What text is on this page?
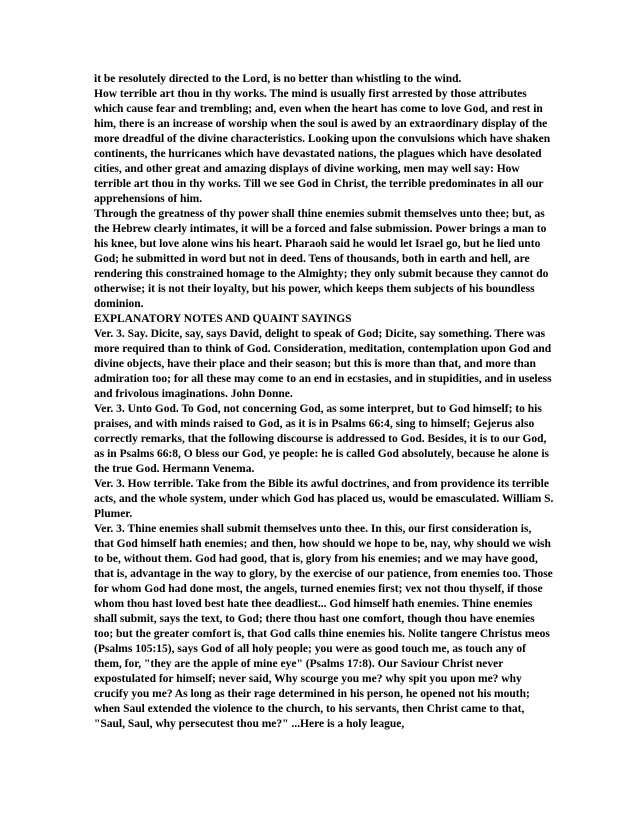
it be resolutely directed to the Lord, is no better than whistling to the wind.

How terrible art thou in thy works. The mind is usually first arrested by those attributes which cause fear and trembling; and, even when the heart has come to love God, and rest in him, there is an increase of worship when the soul is awed by an extraordinary display of the more dreadful of the divine characteristics. Looking upon the convulsions which have shaken continents, the hurricanes which have devastated nations, the plagues which have desolated cities, and other great and amazing displays of divine working, men may well say: How terrible art thou in thy works. Till we see God in Christ, the terrible predominates in all our apprehensions of him.

Through the greatness of thy power shall thine enemies submit themselves unto thee; but, as the Hebrew clearly intimates, it will be a forced and false submission. Power brings a man to his knee, but love alone wins his heart. Pharaoh said he would let Israel go, but he lied unto God; he submitted in word but not in deed. Tens of thousands, both in earth and hell, are rendering this constrained homage to the Almighty; they only submit because they cannot do otherwise; it is not their loyalty, but his power, which keeps them subjects of his boundless dominion.

EXPLANATORY NOTES AND QUAINT SAYINGS

Ver. 3. Say. Dicite, say, says David, delight to speak of God; Dicite, say something. There was more required than to think of God. Consideration, meditation, contemplation upon God and divine objects, have their place and their season; but this is more than that, and more than admiration too; for all these may come to an end in ecstasies, and in stupidities, and in useless and frivolous imaginations. John Donne.

Ver. 3. Unto God. To God, not concerning God, as some interpret, but to God himself; to his praises, and with minds raised to God, as it is in Psalms 66:4, sing to himself; Gejerus also correctly remarks, that the following discourse is addressed to God. Besides, it is to our God, as in Psalms 66:8, O bless our God, ye people: he is called God absolutely, because he alone is the true God. Hermann Venema.

Ver. 3. How terrible. Take from the Bible its awful doctrines, and from providence its terrible acts, and the whole system, under which God has placed us, would be emasculated. William S. Plumer.

Ver. 3. Thine enemies shall submit themselves unto thee. In this, our first consideration is, that God himself hath enemies; and then, how should we hope to be, nay, why should we wish to be, without them. God had good, that is, glory from his enemies; and we may have good, that is, advantage in the way to glory, by the exercise of our patience, from enemies too. Those for whom God had done most, the angels, turned enemies first; vex not thou thyself, if those whom thou hast loved best hate thee deadliest... God himself hath enemies. Thine enemies shall submit, says the text, to God; there thou hast one comfort, though thou have enemies too; but the greater comfort is, that God calls thine enemies his. Nolite tangere Christus meos (Psalms 105:15), says God of all holy people; you were as good touch me, as touch any of them, for, "they are the apple of mine eye" (Psalms 17:8). Our Saviour Christ never expostulated for himself; never said, Why scourge you me? why spit you upon me? why crucify you me? As long as their rage determined in his person, he opened not his mouth; when Saul extended the violence to the church, to his servants, then Christ came to that, "Saul, Saul, why persecutest thou me?" ...Here is a holy league,
